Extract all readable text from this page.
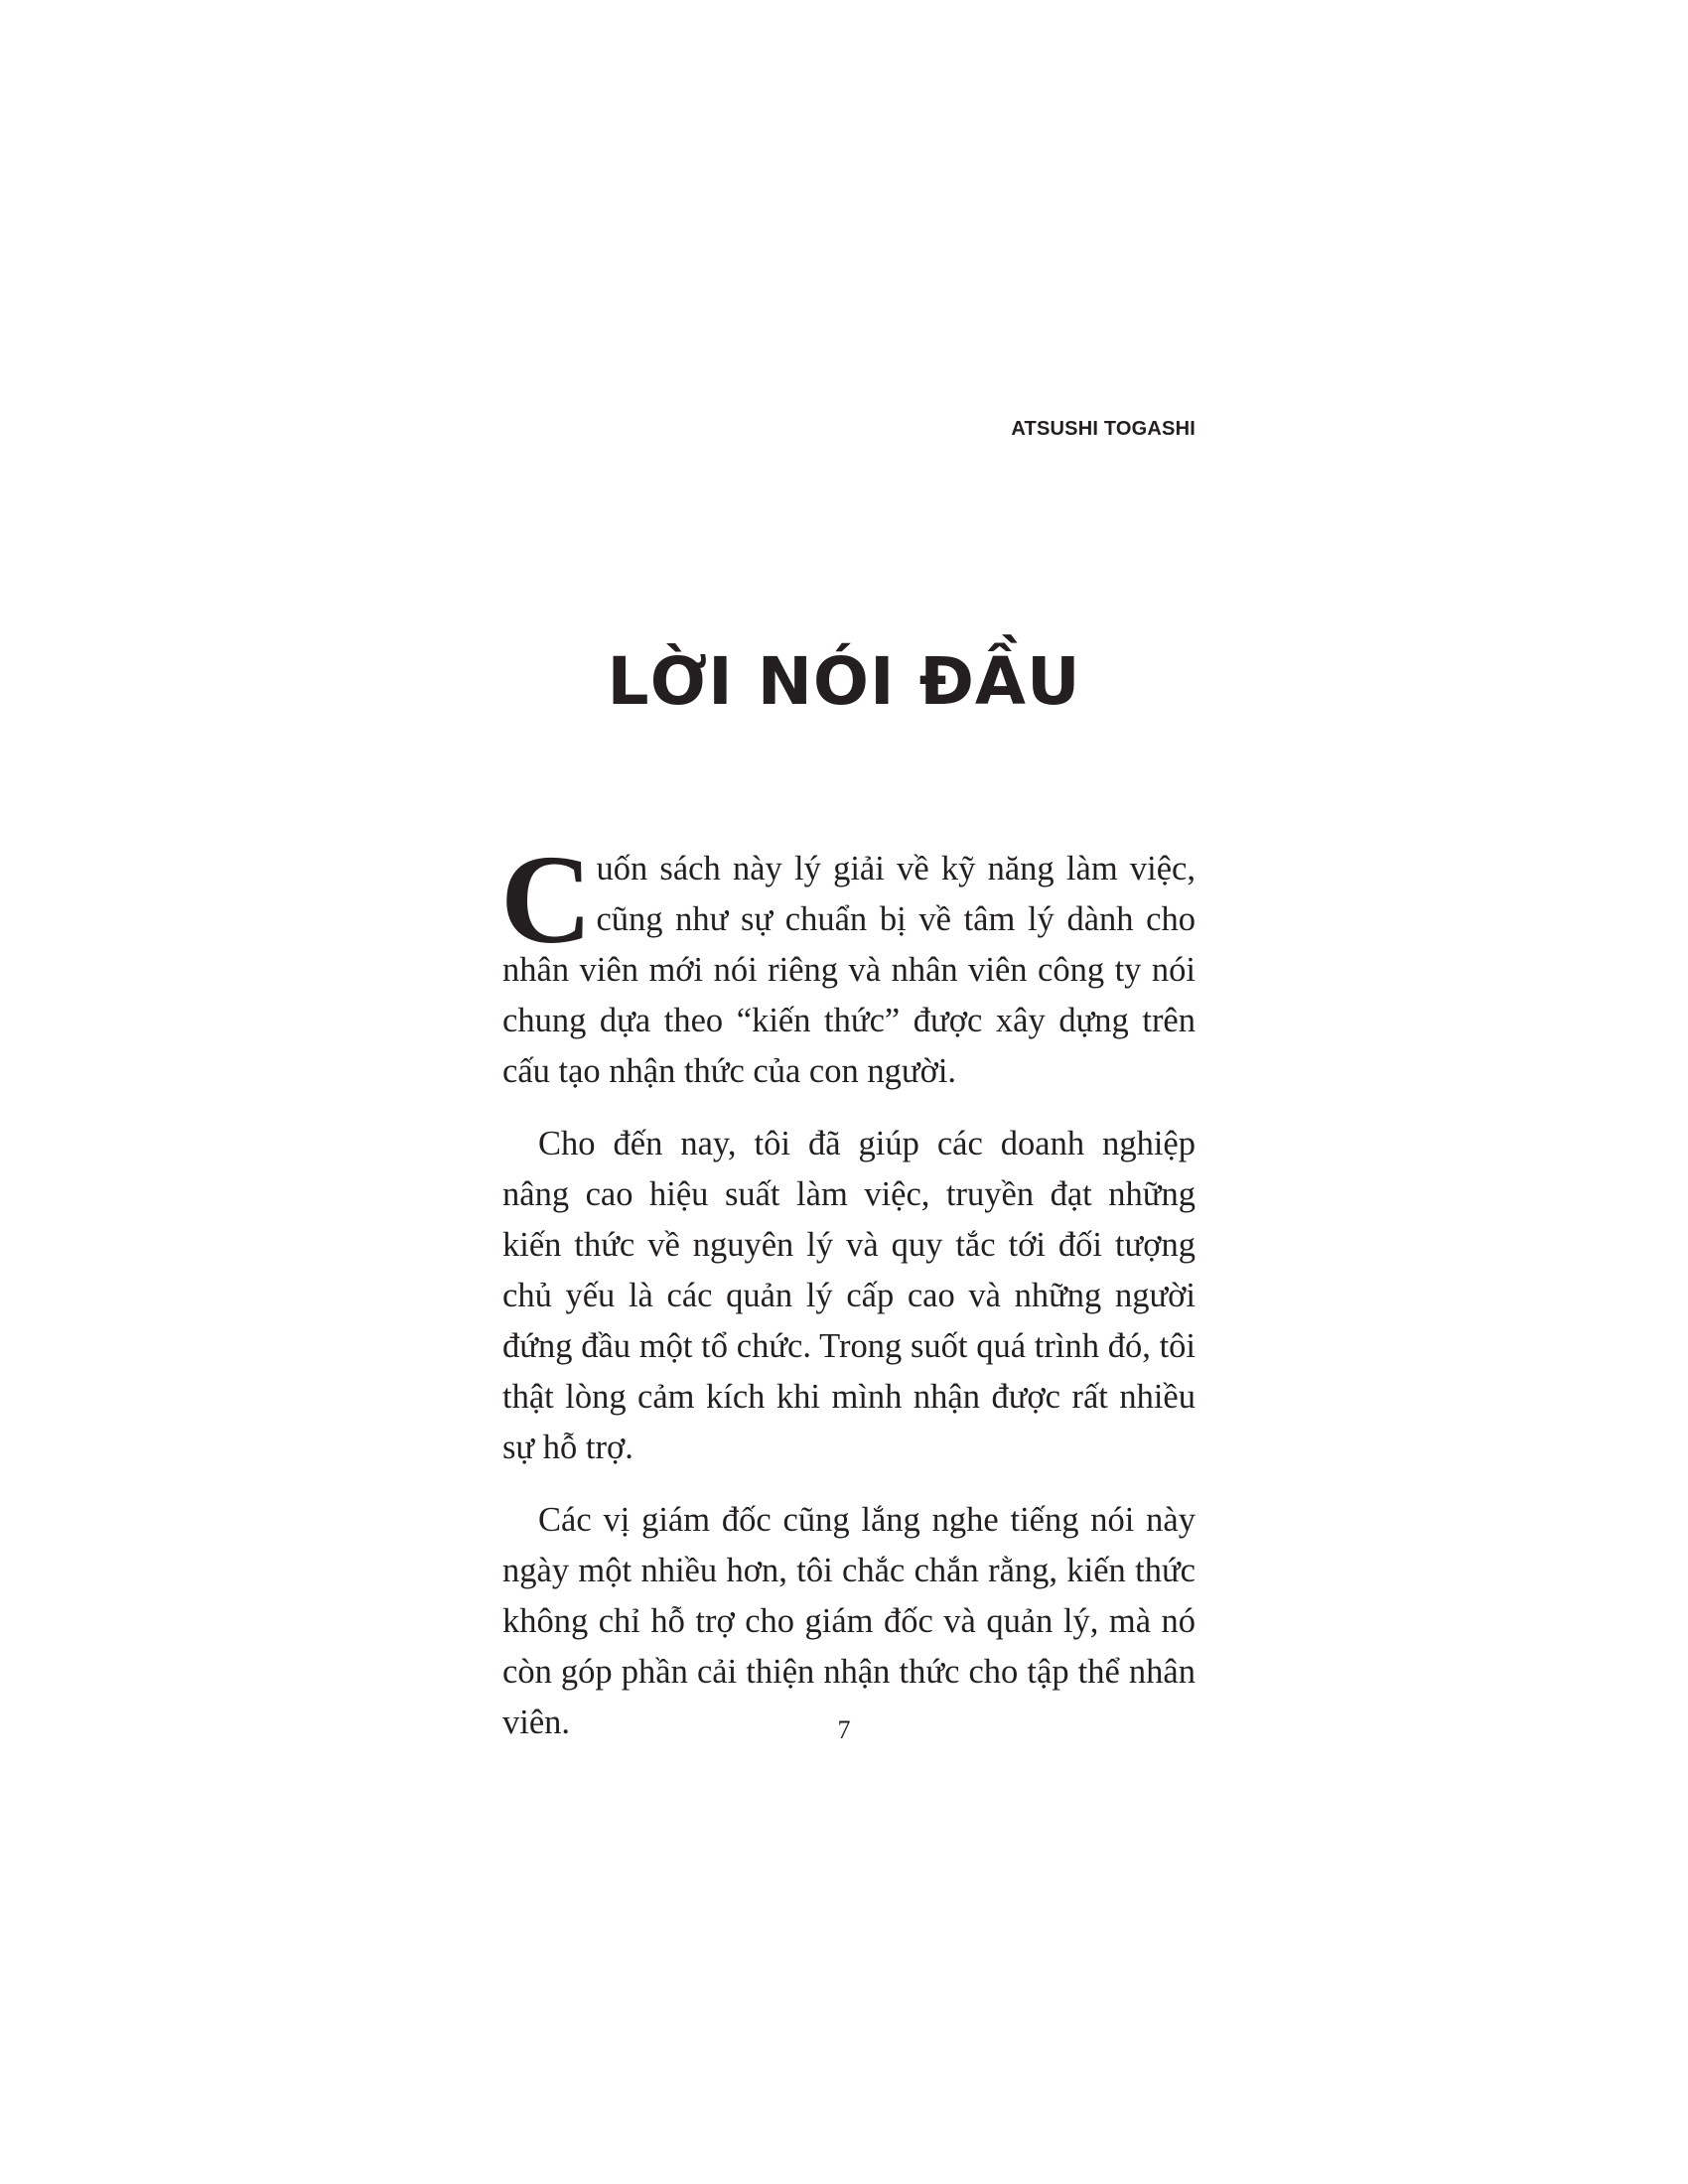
ATSUSHI TOGASHI
LỜI NÓI ĐẦU

Cuốn sách này lý giải về kỹ năng làm việc, cũng như sự chuẩn bị về tâm lý dành cho nhân viên mới nói riêng và nhân viên công ty nói chung dựa theo “kiến thức” được xây dựng trên cấu tạo nhận thức của con người.

Cho đến nay, tôi đã giúp các doanh nghiệp nâng cao hiệu suất làm việc, truyền đạt những kiến thức về nguyên lý và quy tắc tới đối tượng chủ yếu là các quản lý cấp cao và những người đứng đầu một tổ chức. Trong suốt quá trình đó, tôi thật lòng cảm kích khi mình nhận được rất nhiều sự hỗ trợ.

Các vị giám đốc cũng lắng nghe tiếng nói này ngày một nhiều hơn, tôi chắc chắn rằng, kiến thức không chỉ hỗ trợ cho giám đốc và quản lý, mà nó còn góp phần cải thiện nhận thức cho tập thể nhân viên.	7
